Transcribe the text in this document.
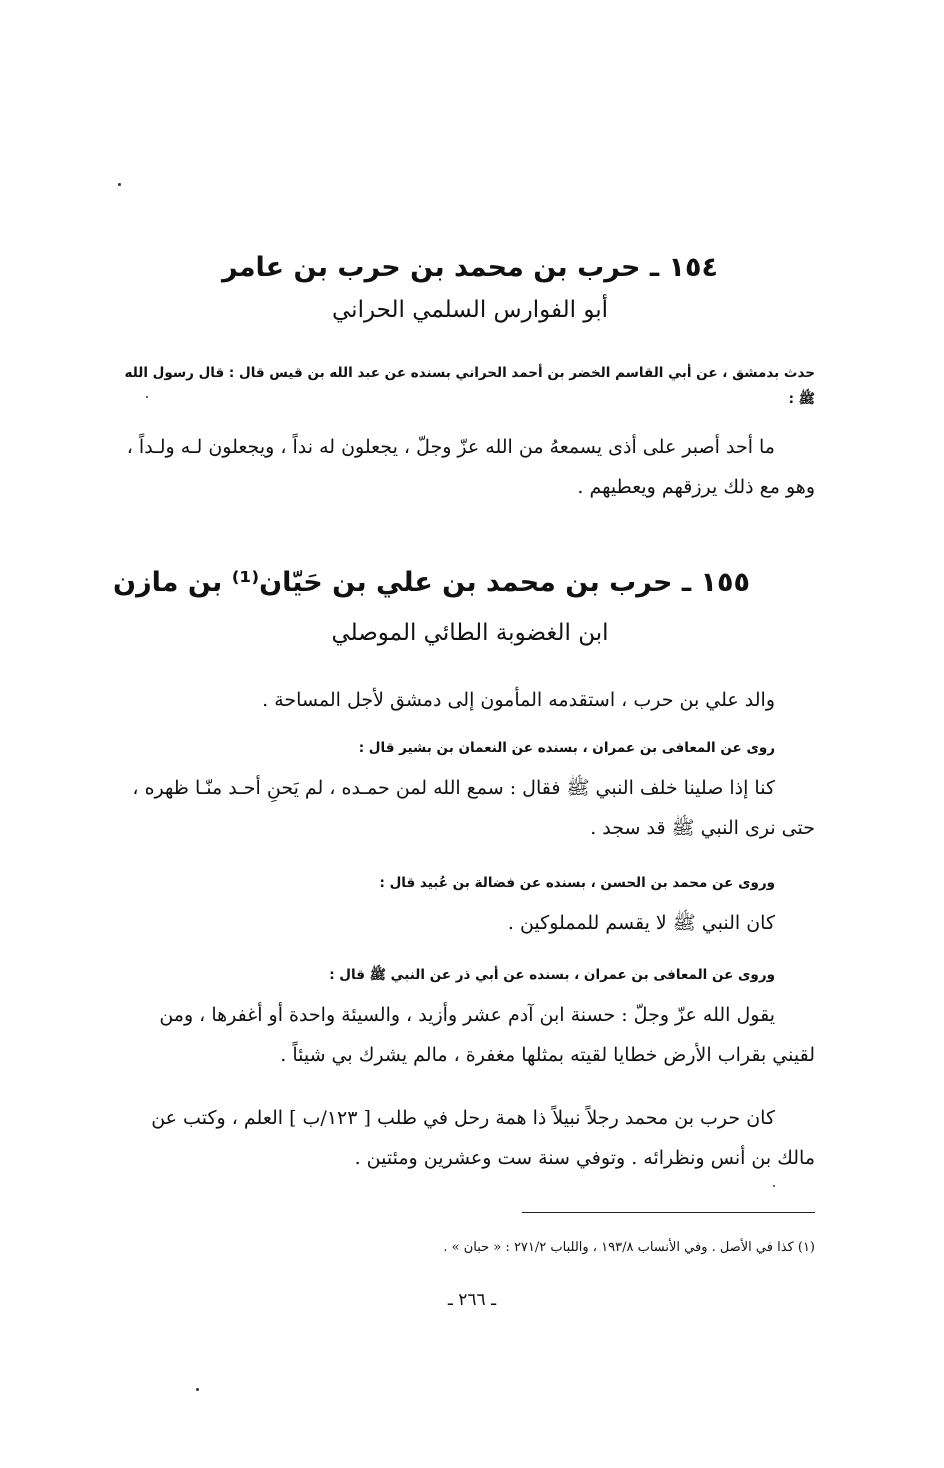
١٥٤ ـ حرب بن محمد بن حرب بن عامر
أبو الفوارس السلمي الحراني
حدث بدمشق ، عن أبي القاسم الخضر بن أحمد الحراني بسنده عن عبد الله بن قيس قال : قال رسول الله ﷺ :
ما أحد أصبر على أذى يسمعهُ من الله عزّ وجلّ ، يجعلون له نداً ، ويجعلون لـه ولـداً ، وهو مع ذلك يرزقهم ويعطيهم .
١٥٥ ـ حرب بن محمد بن علي بن حَيّان⁽¹⁾ بن مازن
ابن الغضوبة الطائي الموصلي
والد علي بن حرب ، استقدمه المأمون إلى دمشق لأجل المساحة .
روى عن المعافى بن عمران ، بسنده عن النعمان بن بشير قال :
كنا إذا صلينا خلف النبي ﷺ فقال : سمع الله لمن حمـده ، لم يَحنِ أحـد منّـا ظهره ، حتى نرى النبي ﷺ قد سجد .
وروى عن محمد بن الحسن ، بسنده عن فضالة بن عُبيد قال :
كان النبي ﷺ لا يقسم للمملوكين .
وروى عن المعافى بن عمران ، بسنده عن أبي ذر عن النبي ﷺ قال :
يقول الله عزّ وجلّ : حسنة ابن آدم عشر وأزيد ، والسيئة واحدة أو أغفرها ، ومن لقيني بقراب الأرض خطايا لقيته بمثلها مغفرة ، مالم يشرك بي شيئاً .
كان حرب بن محمد رجلاً نبيلاً ذا همة رحل في طلب [ ١٢٣/ب ] العلم ، وكتب عن مالك بن أنس ونظرائه . وتوفي سنة ست وعشرين ومئتين .
(١) كذا في الأصل . وفي الأنساب ١٩٣/٨ ، واللباب ٢٧١/٢ : « حبان » .
ـ ٢٦٦ ـ
